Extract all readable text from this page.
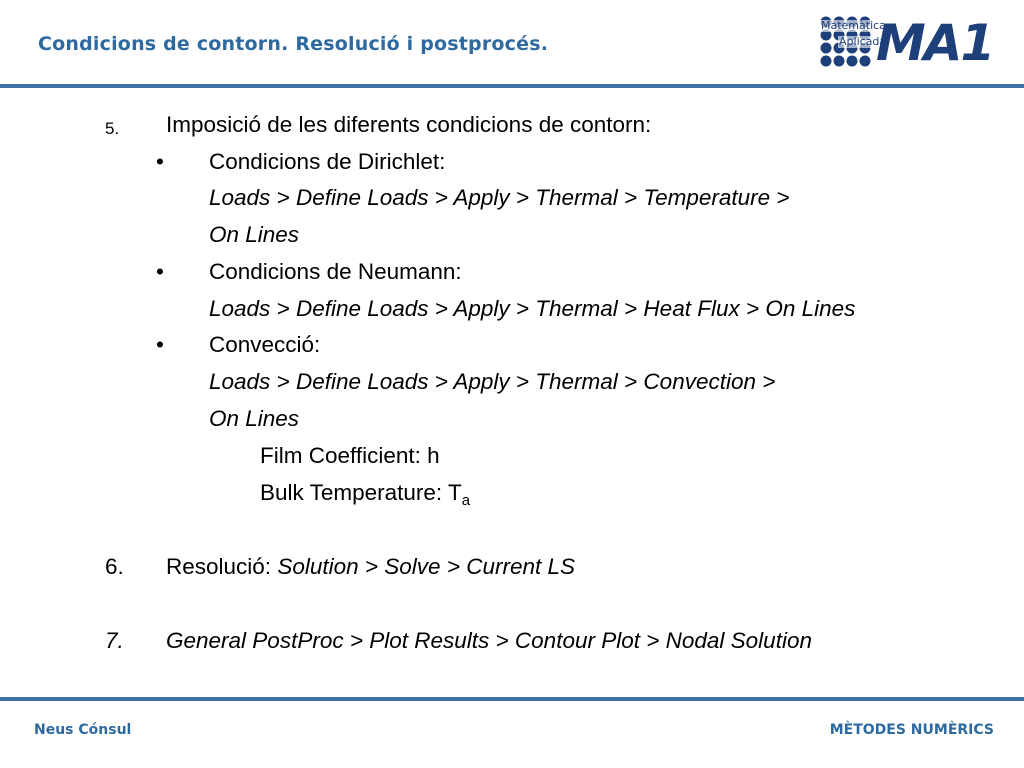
Condicions de contorn. Resolució i postprocés.
Matemàtica
Aplicada
MA1
5. Imposició de les diferents condicions de contorn:
• Condicions de Dirichlet:
Loads > Define Loads > Apply > Thermal > Temperature >
On Lines
• Condicions de Neumann:
Loads > Define Loads > Apply > Thermal > Heat Flux > On Lines
• Convecció:
Loads > Define Loads > Apply > Thermal > Convection >
On Lines
Film Coefficient: h
Bulk Temperature: $T_a$
6. Resolució: Solution > Solve > Current LS
7. General PostProc > Plot Results > Contour Plot > Nodal Solution
Neus Cónsul	MÈTODES NUMÈRICS
